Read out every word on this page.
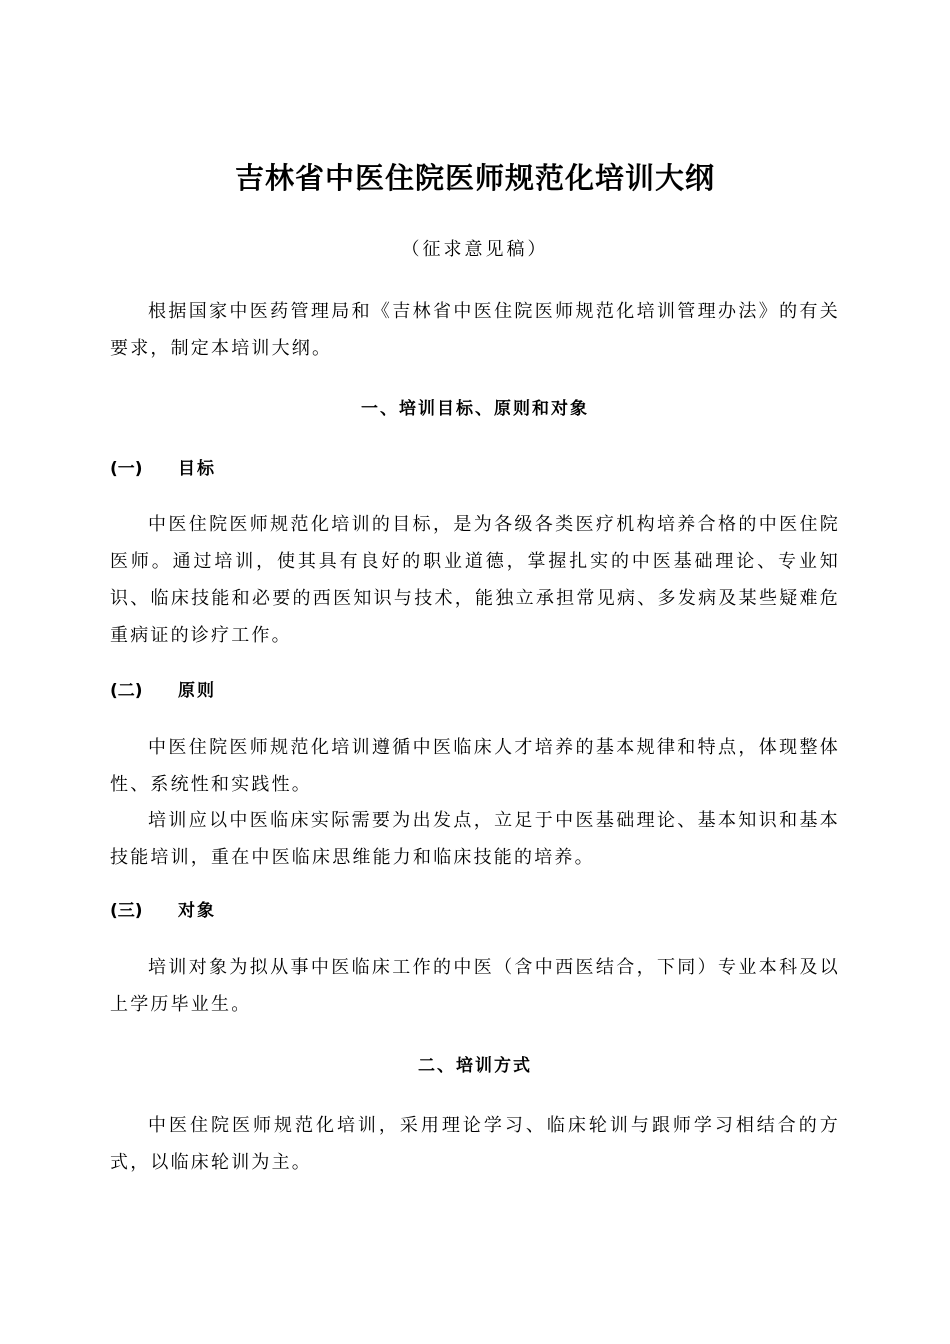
吉林省中医住院医师规范化培训大纲
（征求意见稿）
根据国家中医药管理局和《吉林省中医住院医师规范化培训管理办法》的有关要求，制定本培训大纲。
一、培训目标、原则和对象
(一) 目标
中医住院医师规范化培训的目标，是为各级各类医疗机构培养合格的中医住院医师。通过培训，使其具有良好的职业道德，掌握扎实的中医基础理论、专业知识、临床技能和必要的西医知识与技术，能独立承担常见病、多发病及某些疑难危重病证的诊疗工作。
(二) 原则
中医住院医师规范化培训遵循中医临床人才培养的基本规律和特点，体现整体性、系统性和实践性。
培训应以中医临床实际需要为出发点，立足于中医基础理论、基本知识和基本技能培训，重在中医临床思维能力和临床技能的培养。
(三) 对象
培训对象为拟从事中医临床工作的中医（含中西医结合，下同）专业本科及以上学历毕业生。
二、培训方式
中医住院医师规范化培训，采用理论学习、临床轮训与跟师学习相结合的方式，以临床轮训为主。
